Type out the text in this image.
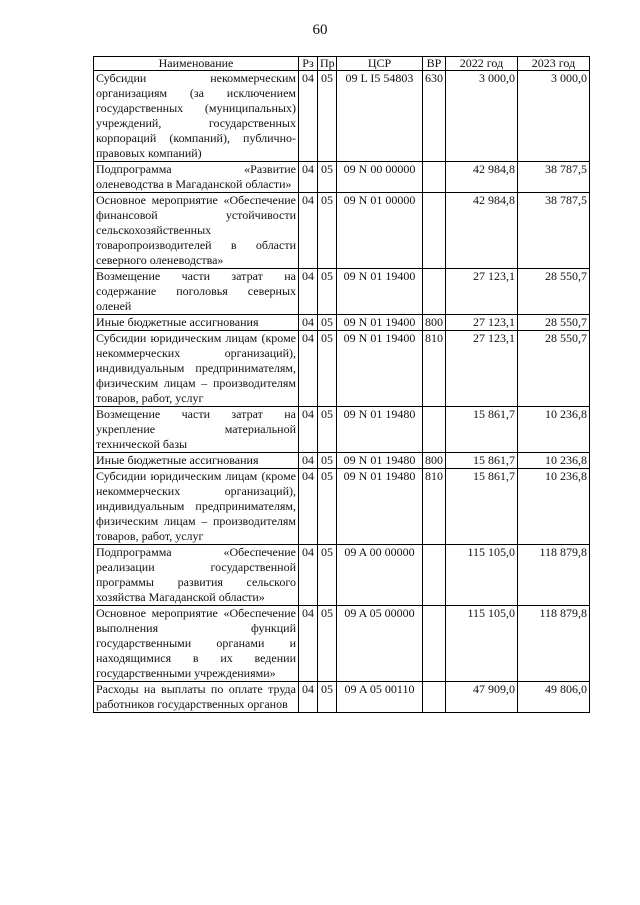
60
Наименование	Рз	Пр	ЦСР	ВР	2022 год	2023 год
Субсидии некоммерческим организациям (за исключением государственных (муниципальных) учреждений, государственных корпораций (компаний), публично-правовых компаний)	04	05	09 L I5 54803	630	3 000,0	3 000,0
Подпрограмма «Развитие оленеводства в Магаданской области»	04	05	09 N 00 00000		42 984,8	38 787,5
Основное мероприятие «Обеспечение финансовой устойчивости сельскохозяйственных товаропроизводителей в области северного оленеводства»	04	05	09 N 01 00000		42 984,8	38 787,5
Возмещение части затрат на содержание поголовья северных оленей	04	05	09 N 01 19400		27 123,1	28 550,7
Иные бюджетные ассигнования	04	05	09 N 01 19400	800	27 123,1	28 550,7
Субсидии юридическим лицам (кроме некоммерческих организаций), индивидуальным предпринимателям, физическим лицам – производителям товаров, работ, услуг	04	05	09 N 01 19400	810	27 123,1	28 550,7
Возмещение части затрат на укрепление материальной технической базы	04	05	09 N 01 19480		15 861,7	10 236,8
Иные бюджетные ассигнования	04	05	09 N 01 19480	800	15 861,7	10 236,8
Субсидии юридическим лицам (кроме некоммерческих организаций), индивидуальным предпринимателям, физическим лицам – производителям товаров, работ, услуг	04	05	09 N 01 19480	810	15 861,7	10 236,8
Подпрограмма «Обеспечение реализации государственной программы развития сельского хозяйства Магаданской области»	04	05	09 A 00 00000		115 105,0	118 879,8
Основное мероприятие «Обеспечение выполнения функций государственными органами и находящимися в их ведении государственными учреждениями»	04	05	09 A 05 00000		115 105,0	118 879,8
Расходы на выплаты по оплате труда работников государственных органов	04	05	09 A 05 00110		47 909,0	49 806,0
